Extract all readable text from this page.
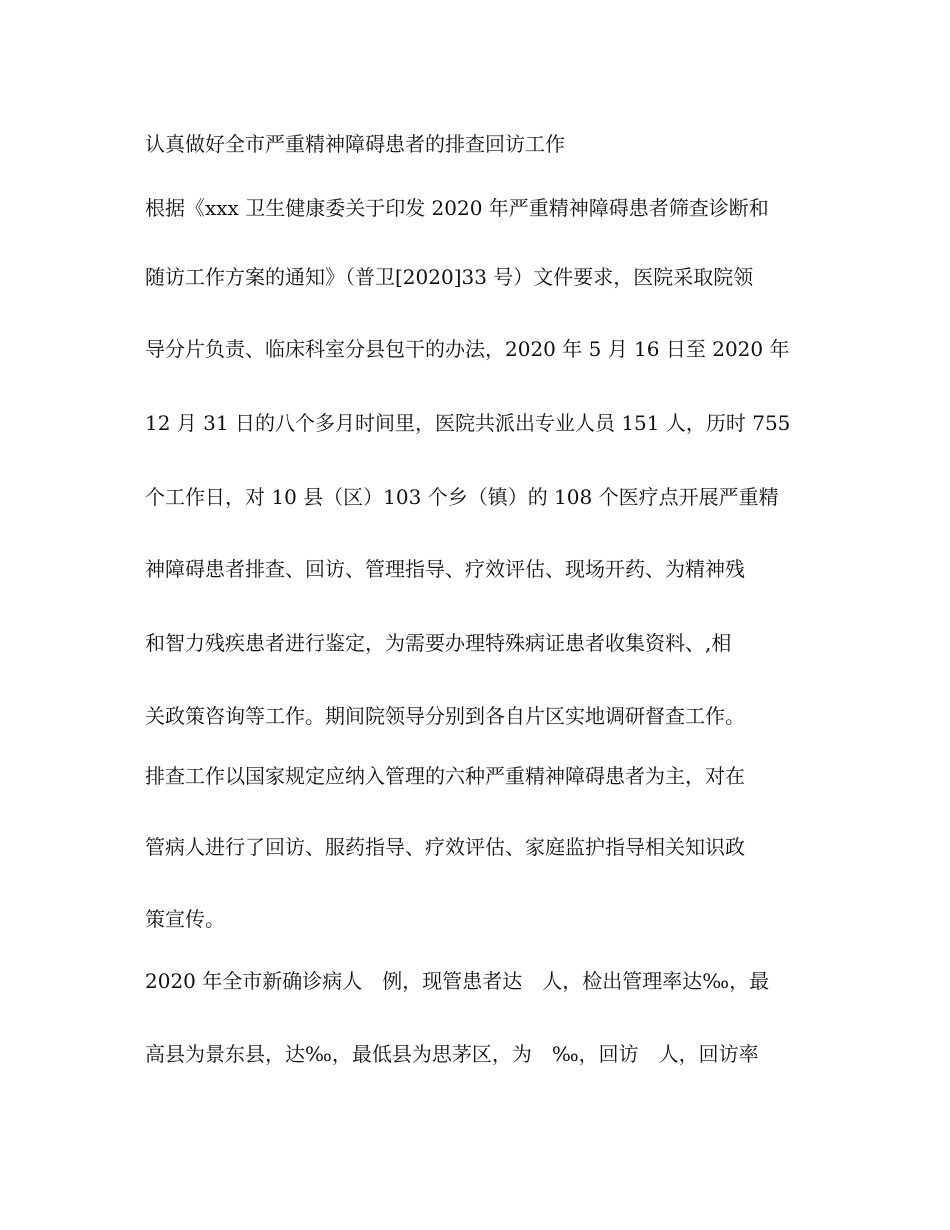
认真做好全市严重精神障碍患者的排查回访工作

根据《xxx 卫生健康委关于印发 2020 年严重精神障碍患者筛查诊断和

随访工作方案的通知》（普卫[2020]33 号）文件要求，医院采取院领

导分片负责、临床科室分县包干的办法，2020 年 5 月 16 日至 2020 年

12 月 31 日的八个多月时间里，医院共派出专业人员 151 人，历时 755

个工作日，对 10 县（区）103 个乡（镇）的 108 个医疗点开展严重精

神障碍患者排查、回访、管理指导、疗效评估、现场开药、为精神残

和智力残疾患者进行鉴定，为需要办理特殊病证患者收集资料、,相

关政策咨询等工作。期间院领导分别到各自片区实地调研督查工作。

排查工作以国家规定应纳入管理的六种严重精神障碍患者为主，对在

管病人进行了回访、服药指导、疗效评估、家庭监护指导相关知识政

策宣传。

2020 年全市新确诊病人　例，现管患者达　人，检出管理率达‰，最

高县为景东县，达‰，最低县为思茅区，为　‰，回访　人，回访率
